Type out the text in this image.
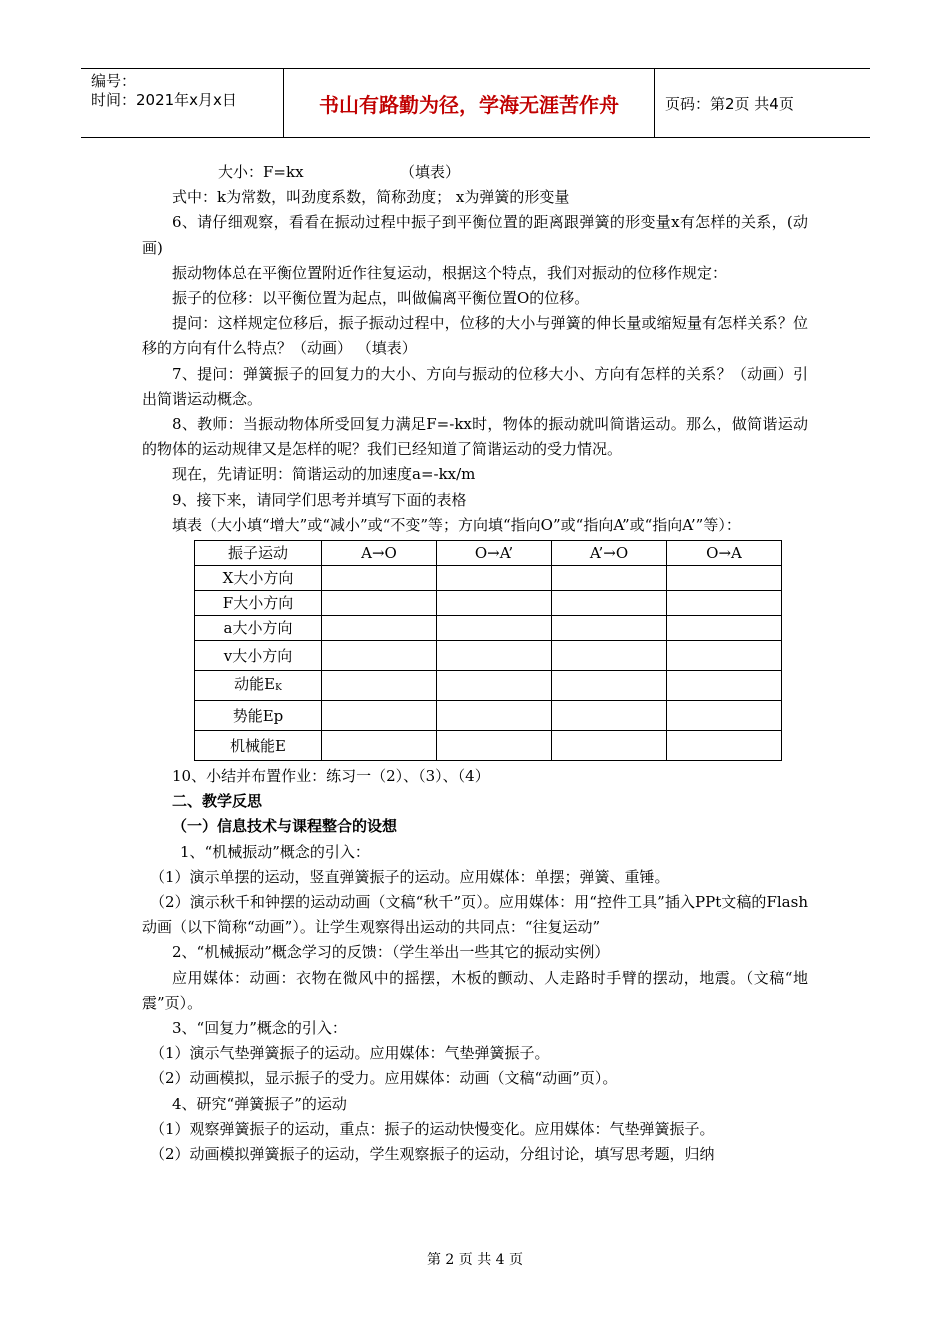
编号：
时间：2021年x月x日	书山有路勤为径，学海无涯苦作舟	页码：第2页 共4页

大小：F=kx	（填表）

式中：k为常数，叫劲度系数，简称劲度； x为弹簧的形变量

6、请仔细观察，看看在振动过程中振子到平衡位置的距离跟弹簧的形变量x有怎样的关系，(动画)

振动物体总在平衡位置附近作往复运动，根据这个特点，我们对振动的位移作规定：

振子的位移：以平衡位置为起点，叫做偏离平衡位置O的位移。

提问：这样规定位移后，振子振动过程中，位移的大小与弹簧的伸长量或缩短量有怎样关系？位移的方向有什么特点？（动画） （填表）

7、提问：弹簧振子的回复力的大小、方向与振动的位移大小、方向有怎样的关系？（动画）引出简谐运动概念。

8、教师：当振动物体所受回复力满足F=-kx时，物体的振动就叫简谐运动。那么，做简谐运动的物体的运动规律又是怎样的呢？我们已经知道了简谐运动的受力情况。

现在，先请证明：简谐运动的加速度a=-kx/m

9、接下来，请同学们思考并填写下面的表格

填表（大小填“增大”或“减小”或“不变”等；方向填“指向O”或“指向A”或“指向A’”等）：

振子运动	A→O	O→A’	A’→O	O→A
X大小方向				
F大小方向				
a大小方向				
v大小方向				
动能$E_K$				
势能Ep				
机械能E				

10、小结并布置作业：练习一（2）、（3）、（4）

二、教学反思

（一）信息技术与课程整合的设想

1、“机械振动”概念的引入：

（1）演示单摆的运动，竖直弹簧振子的运动。应用媒体：单摆；弹簧、重锤。

（2）演示秋千和钟摆的运动动画（文稿“秋千”页）。应用媒体：用“控件工具”插入PPt文稿的Flash动画（以下简称“动画”）。让学生观察得出运动的共同点：“往复运动”

2、“机械振动”概念学习的反馈：（学生举出一些其它的振动实例）

应用媒体：动画：衣物在微风中的摇摆，木板的颤动、人走路时手臂的摆动，地震。（文稿“地震”页）。

3、“回复力”概念的引入：

（1）演示气垫弹簧振子的运动。应用媒体：气垫弹簧振子。

（2）动画模拟，显示振子的受力。应用媒体：动画（文稿“动画”页）。

4、研究“弹簧振子”的运动

（1）观察弹簧振子的运动，重点：振子的运动快慢变化。应用媒体：气垫弹簧振子。

（2）动画模拟弹簧振子的运动，学生观察振子的运动，分组讨论，填写思考题，归纳

第 2 页 共 4 页
